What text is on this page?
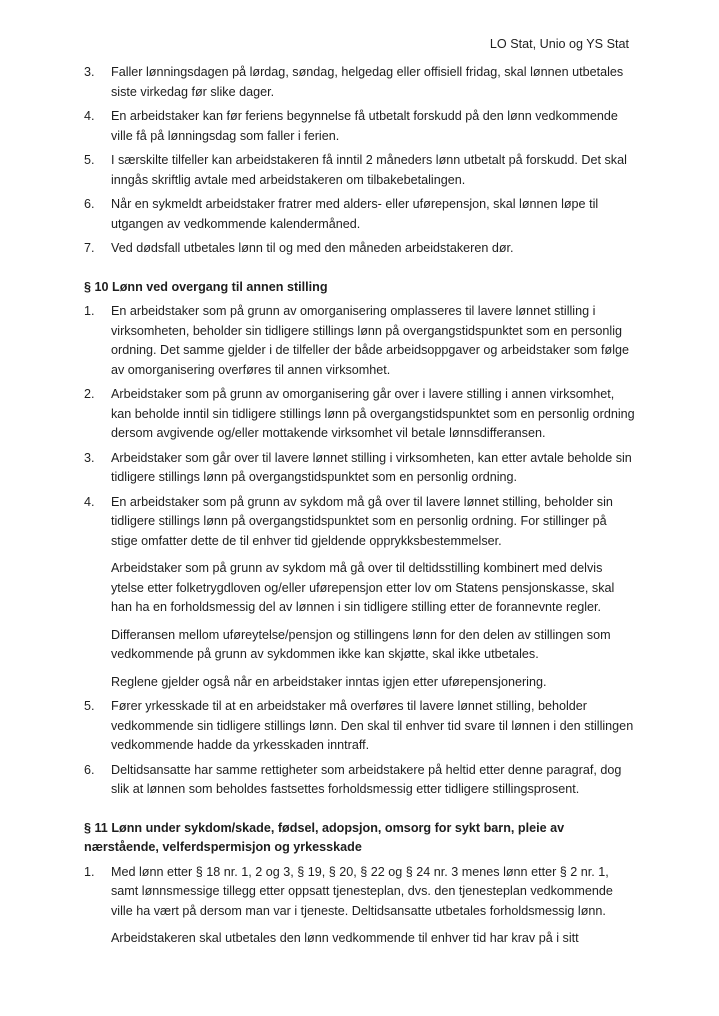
LO Stat, Unio og YS Stat
3. Faller lønningsdagen på lørdag, søndag, helgedag eller offisiell fridag, skal lønnen utbetales siste virkedag før slike dager.

4. En arbeidstaker kan før feriens begynnelse få utbetalt forskudd på den lønn vedkommende ville få på lønningsdag som faller i ferien.

5. I særskilte tilfeller kan arbeidstakeren få inntil 2 måneders lønn utbetalt på forskudd. Det skal inngås skriftlig avtale med arbeidstakeren om tilbakebetalingen.

6. Når en sykmeldt arbeidstaker fratrer med alders- eller uførepensjon, skal lønnen løpe til utgangen av vedkommende kalendermåned.

7. Ved dødsfall utbetales lønn til og med den måneden arbeidstakeren dør.

§ 10 Lønn ved overgang til annen stilling
1. En arbeidstaker som på grunn av omorganisering omplasseres til lavere lønnet stilling i virksomheten, beholder sin tidligere stillings lønn på overgangstidspunktet som en personlig ordning. Det samme gjelder i de tilfeller der både arbeidsoppgaver og arbeidstaker som følge av omorganisering overføres til annen virksomhet.

2. Arbeidstaker som på grunn av omorganisering går over i lavere stilling i annen virksomhet, kan beholde inntil sin tidligere stillings lønn på overgangstidspunktet som en personlig ordning dersom avgivende og/eller mottakende virksomhet vil betale lønnsdifferansen.

3. Arbeidstaker som går over til lavere lønnet stilling i virksomheten, kan etter avtale beholde sin tidligere stillings lønn på overgangstidspunktet som en personlig ordning.

4. En arbeidstaker som på grunn av sykdom må gå over til lavere lønnet stilling, beholder sin tidligere stillings lønn på overgangstidspunktet som en personlig ordning. For stillinger på stige omfatter dette de til enhver tid gjeldende opprykksbestemmelser.

Arbeidstaker som på grunn av sykdom må gå over til deltidsstilling kombinert med delvis ytelse etter folketrygdloven og/eller uførepensjon etter lov om Statens pensjonskasse, skal han ha en forholdsmessig del av lønnen i sin tidligere stilling etter de forannevnte regler.

Differansen mellom uføreytelse/pensjon og stillingens lønn for den delen av stillingen som vedkommende på grunn av sykdommen ikke kan skjøtte, skal ikke utbetales.

Reglene gjelder også når en arbeidstaker inntas igjen etter uførepensjonering.

5. Fører yrkesskade til at en arbeidstaker må overføres til lavere lønnet stilling, beholder vedkommende sin tidligere stillings lønn. Den skal til enhver tid svare til lønnen i den stillingen vedkommende hadde da yrkesskaden inntraff.

6. Deltidsansatte har samme rettigheter som arbeidstakere på heltid etter denne paragraf, dog slik at lønnen som beholdes fastsettes forholdsmessig etter tidligere stillingsprosent.

§ 11 Lønn under sykdom/skade, fødsel, adopsjon, omsorg for sykt barn, pleie av nærstående, velferdspermisjon og yrkesskade
1. Med lønn etter § 18 nr. 1, 2 og 3, § 19, § 20, § 22 og § 24 nr. 3 menes lønn etter § 2 nr. 1, samt lønnsmessige tillegg etter oppsatt tjenesteplan, dvs. den tjenesteplan vedkommende ville ha vært på dersom man var i tjeneste. Deltidsansatte utbetales forholdsmessig lønn.

Arbeidstakeren skal utbetales den lønn vedkommende til enhver tid har krav på i sitt
